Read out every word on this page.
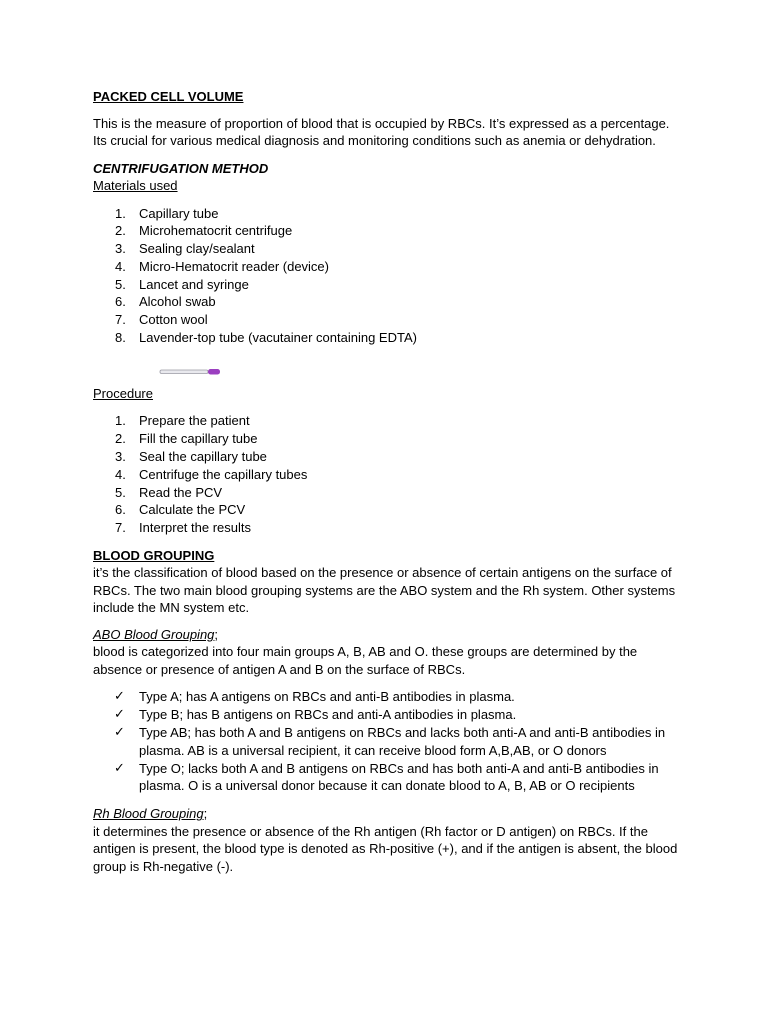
PACKED CELL VOLUME

This is the measure of proportion of blood that is occupied by RBCs. It’s expressed as a percentage. Its crucial for various medical diagnosis and monitoring conditions such as anemia or dehydration.

CENTRIFUGATION METHOD

Materials used

1. Capillary tube
2. Microhematocrit centrifuge
3. Sealing clay/sealant
4. Micro-Hematocrit reader (device)
5. Lancet and syringe
6. Alcohol swab
7. Cotton wool
8. Lavender-top tube (vacutainer containing EDTA)

Procedure

1. Prepare the patient
2. Fill the capillary tube
3. Seal the capillary tube
4. Centrifuge the capillary tubes
5. Read the PCV
6. Calculate the PCV
7. Interpret the results

BLOOD GROUPING

it’s the classification of blood based on the presence or absence of certain antigens on the surface of RBCs. The two main blood grouping systems are the ABO system and the Rh system. Other systems include the MN system etc.

ABO Blood Grouping;

blood is categorized into four main groups A, B, AB and O. these groups are determined by the absence or presence of antigen A and B on the surface of RBCs.

✓ Type A; has A antigens on RBCs and anti-B antibodies in plasma.
✓ Type B; has B antigens on RBCs and anti-A antibodies in plasma.
✓ Type AB; has both A and B antigens on RBCs and lacks both anti-A and anti-B antibodies in plasma. AB is a universal recipient, it can receive blood form A,B,AB, or O donors
✓ Type O; lacks both A and B antigens on RBCs and has both anti-A and anti-B antibodies in plasma. O is a universal donor because it can donate blood to A, B, AB or O recipients

Rh Blood Grouping;

it determines the presence or absence of the Rh antigen (Rh factor or D antigen) on RBCs. If the antigen is present, the blood type is denoted as Rh-positive (+), and if the antigen is absent, the blood group is Rh-negative (-).
